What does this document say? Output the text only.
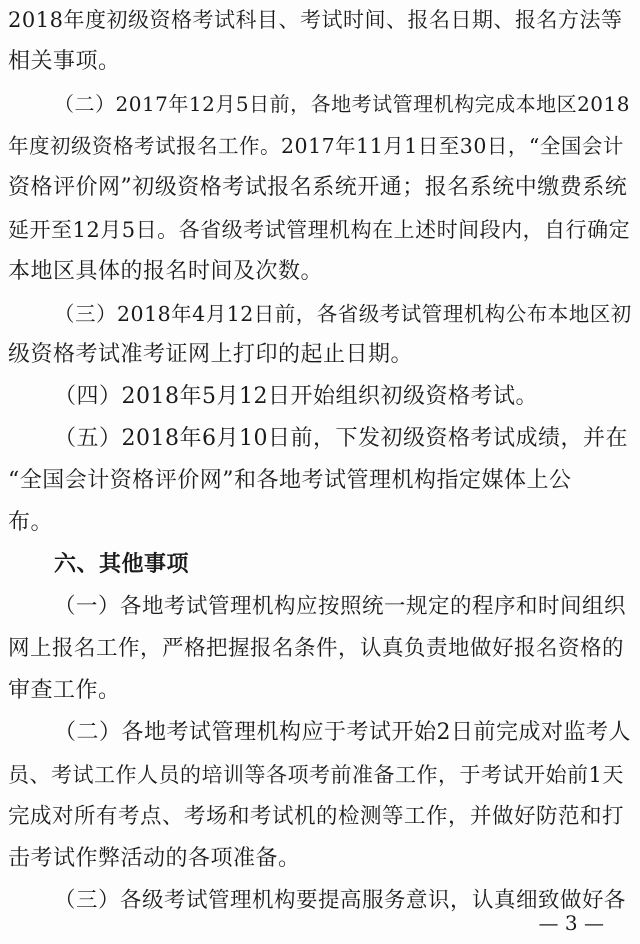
2018年度初级资格考试科目、考试时间、报名日期、报名方法等
相关事项。
（二）2017年12月5日前，各地考试管理机构完成本地区2018
年度初级资格考试报名工作。2017年11月1日至30日，“全国会计
资格评价网”初级资格考试报名系统开通；报名系统中缴费系统
延开至12月5日。各省级考试管理机构在上述时间段内，自行确定
本地区具体的报名时间及次数。
（三）2018年4月12日前，各省级考试管理机构公布本地区初
级资格考试准考证网上打印的起止日期。
（四）2018年5月12日开始组织初级资格考试。
（五）2018年6月10日前，下发初级资格考试成绩，并在
“全国会计资格评价网”和各地考试管理机构指定媒体上公
布。
六、其他事项
（一）各地考试管理机构应按照统一规定的程序和时间组织
网上报名工作，严格把握报名条件，认真负责地做好报名资格的
审查工作。
（二）各地考试管理机构应于考试开始2日前完成对监考人
员、考试工作人员的培训等各项考前准备工作，于考试开始前1天
完成对所有考点、考场和考试机的检测等工作，并做好防范和打
击考试作弊活动的各项准备。
（三）各级考试管理机构要提高服务意识，认真细致做好各
— 3 —
